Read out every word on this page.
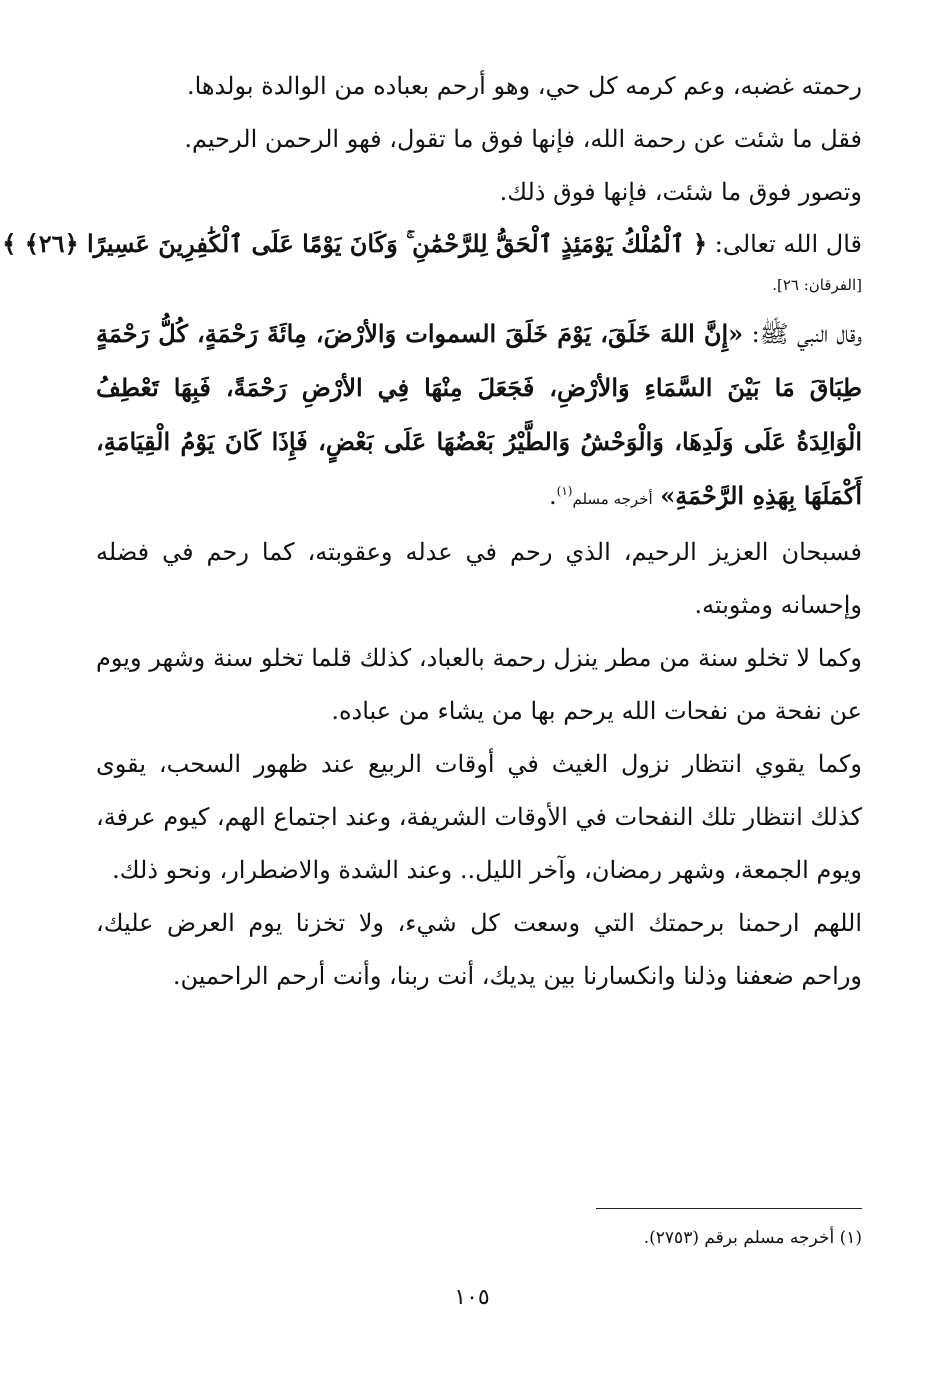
رحمته غضبه، وعم كرمه كل حي، وهو أرحم بعباده من الوالدة بولدها.

فقل ما شئت عن رحمة الله، فإنها فوق ما تقول، فهو الرحمن الرحيم.

وتصور فوق ما شئت، فإنها فوق ذلك.

قال الله تعالى: ﴿ ٱلْمُلْكُ يَوْمَئِذٍ ٱلْحَقُّ لِلرَّحْمَٰنِ ۚ وَكَانَ يَوْمًا عَلَى ٱلْكَٰفِرِينَ عَسِيرًا ﴿٢٦﴾ ﴾

[الفرقان: ٢٦].

وقال النبي ﷺ: «إِنَّ اللهَ خَلَقَ، يَوْمَ خَلَقَ السموات وَالأرْضَ، مِائَةَ رَحْمَةٍ، كُلُّ رَحْمَةٍ طِبَاقَ مَا بَيْنَ السَّمَاءِ وَالأرْضِ، فَجَعَلَ مِنْهَا فِي الأرْضِ رَحْمَةً، فَبِهَا تَعْطِفُ الْوَالِدَةُ عَلَى وَلَدِهَا، وَالْوَحْشُ وَالطَّيْرُ بَعْضُهَا عَلَى بَعْضٍ، فَإِذَا كَانَ يَوْمُ الْقِيَامَةِ، أَكْمَلَهَا بِهَذِهِ الرَّحْمَةِ» أخرجه مسلم$^{(١)}$.

فسبحان العزيز الرحيم، الذي رحم في عدله وعقوبته، كما رحم في فضله وإحسانه ومثوبته.

وكما لا تخلو سنة من مطر ينزل رحمة بالعباد، كذلك قلما تخلو سنة وشهر ويوم عن نفحة من نفحات الله يرحم بها من يشاء من عباده.

وكما يقوي انتظار نزول الغيث في أوقات الربيع عند ظهور السحب، يقوى كذلك انتظار تلك النفحات في الأوقات الشريفة، وعند اجتماع الهم، كيوم عرفة، ويوم الجمعة، وشهر رمضان، وآخر الليل.. وعند الشدة والاضطرار، ونحو ذلك.

اللهم ارحمنا برحمتك التي وسعت كل شيء، ولا تخزنا يوم العرض عليك، وراحم ضعفنا وذلنا وانكسارنا بين يديك، أنت ربنا، وأنت أرحم الراحمين.

(١) أخرجه مسلم برقم (٢٧٥٣).
١٠٥
